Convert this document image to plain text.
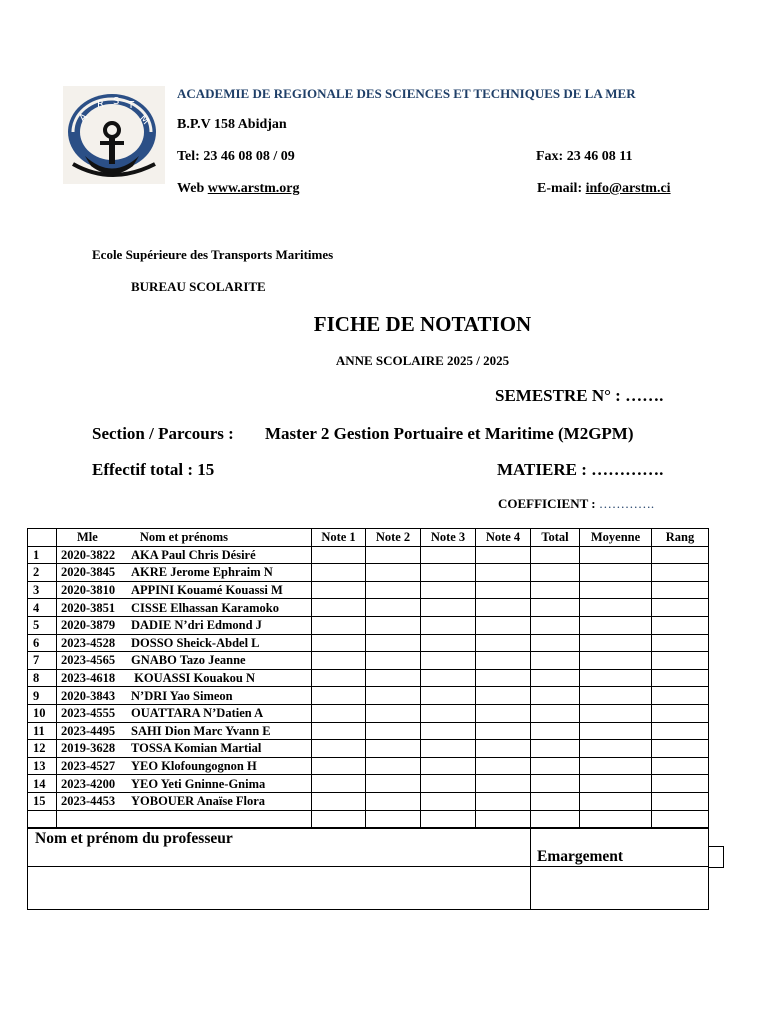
A
R S T
M
ACADEMIE DE REGIONALE DES SCIENCES ET TECHNIQUES DE LA MER
B.P.V 158 Abidjan
Tel: 23 46 08 08 / 09	Fax: 23 46 08 11
Web www.arstm.org	E-mail: info@arstm.ci
Ecole Supérieure des Transports Maritimes
BUREAU SCOLARITE
FICHE DE NOTATION
ANNE SCOLAIRE 2025 / 2025
SEMESTRE N° : …….
Section / Parcours : Master 2 Gestion Portuaire et Maritime (M2GPM)
Effectif total : 15	MATIERE : ………….
COEFFICIENT : ………….
	Mle Nom et prénoms	Note 1	Note 2	Note 3	Note 4	Total	Moyenne	Rang
1	2020-3822 AKA Paul Chris Désiré							
2	2020-3845 AKRE Jerome Ephraim N							
3	2020-3810 APPINI Kouamé Kouassi M							
4	2020-3851 CISSE Elhassan Karamoko							
5	2020-3879 DADIE N’dri Edmond J							
6	2023-4528 DOSSO Sheick-Abdel L							
7	2023-4565 GNABO Tazo Jeanne							
8	2023-4618 KOUASSI Kouakou N							
9	2020-3843 N’DRI Yao Simeon							
10	2023-4555 OUATTARA N’Datien A							
11	2023-4495 SAHI Dion Marc Yvann E							
12	2019-3628 TOSSA Komian Martial							
13	2023-4527 YEO Klofoungognon H							
14	2023-4200 YEO Yeti Gninne-Gnima							
15	2023-4453 YOBOUER Anaïse Flora							

Nom et prénom du professeur	Emargement
